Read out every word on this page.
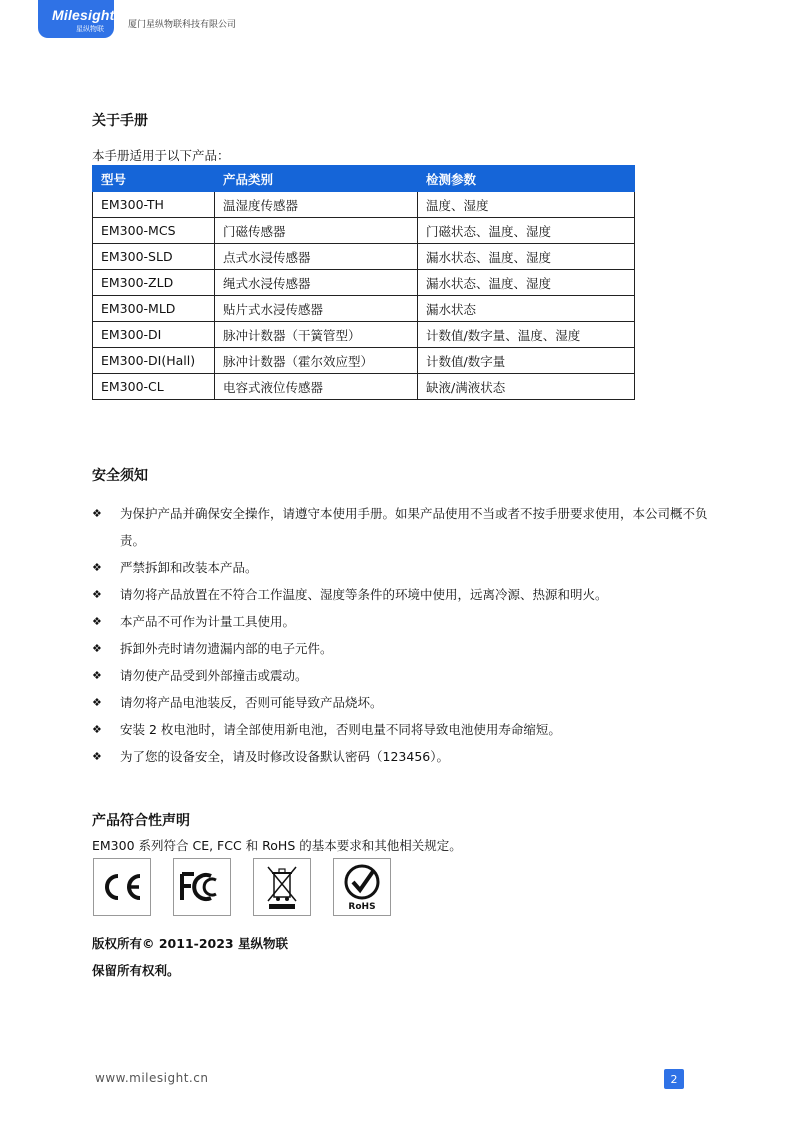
Milesight
星纵物联	厦门星纵物联科技有限公司
关于手册
本手册适用于以下产品：
型号	产品类别	检测参数
EM300-TH	温湿度传感器	温度、湿度
EM300-MCS	门磁传感器	门磁状态、温度、湿度
EM300-SLD	点式水浸传感器	漏水状态、温度、湿度
EM300-ZLD	绳式水浸传感器	漏水状态、温度、湿度
EM300-MLD	贴片式水浸传感器	漏水状态
EM300-DI	脉冲计数器（干簧管型）	计数值/数字量、温度、湿度
EM300-DI(Hall)	脉冲计数器（霍尔效应型）	计数值/数字量
EM300-CL	电容式液位传感器	缺液/满液状态
安全须知
❖ 为保护产品并确保安全操作，请遵守本使用手册。如果产品使用不当或者不按手册要求使用，本公司概不负责。
❖ 严禁拆卸和改装本产品。
❖ 请勿将产品放置在不符合工作温度、湿度等条件的环境中使用，远离冷源、热源和明火。
❖ 本产品不可作为计量工具使用。
❖ 拆卸外壳时请勿遗漏内部的电子元件。
❖ 请勿使产品受到外部撞击或震动。
❖ 请勿将产品电池装反，否则可能导致产品烧坏。
❖ 安装 2 枚电池时，请全部使用新电池，否则电量不同将导致电池使用寿命缩短。
❖ 为了您的设备安全，请及时修改设备默认密码（123456）。
产品符合性声明
EM300 系列符合 CE, FCC 和 RoHS 的基本要求和其他相关规定。
RoHS
版权所有© 2011-2023 星纵物联
保留所有权利。
www.milesight.cn	2
